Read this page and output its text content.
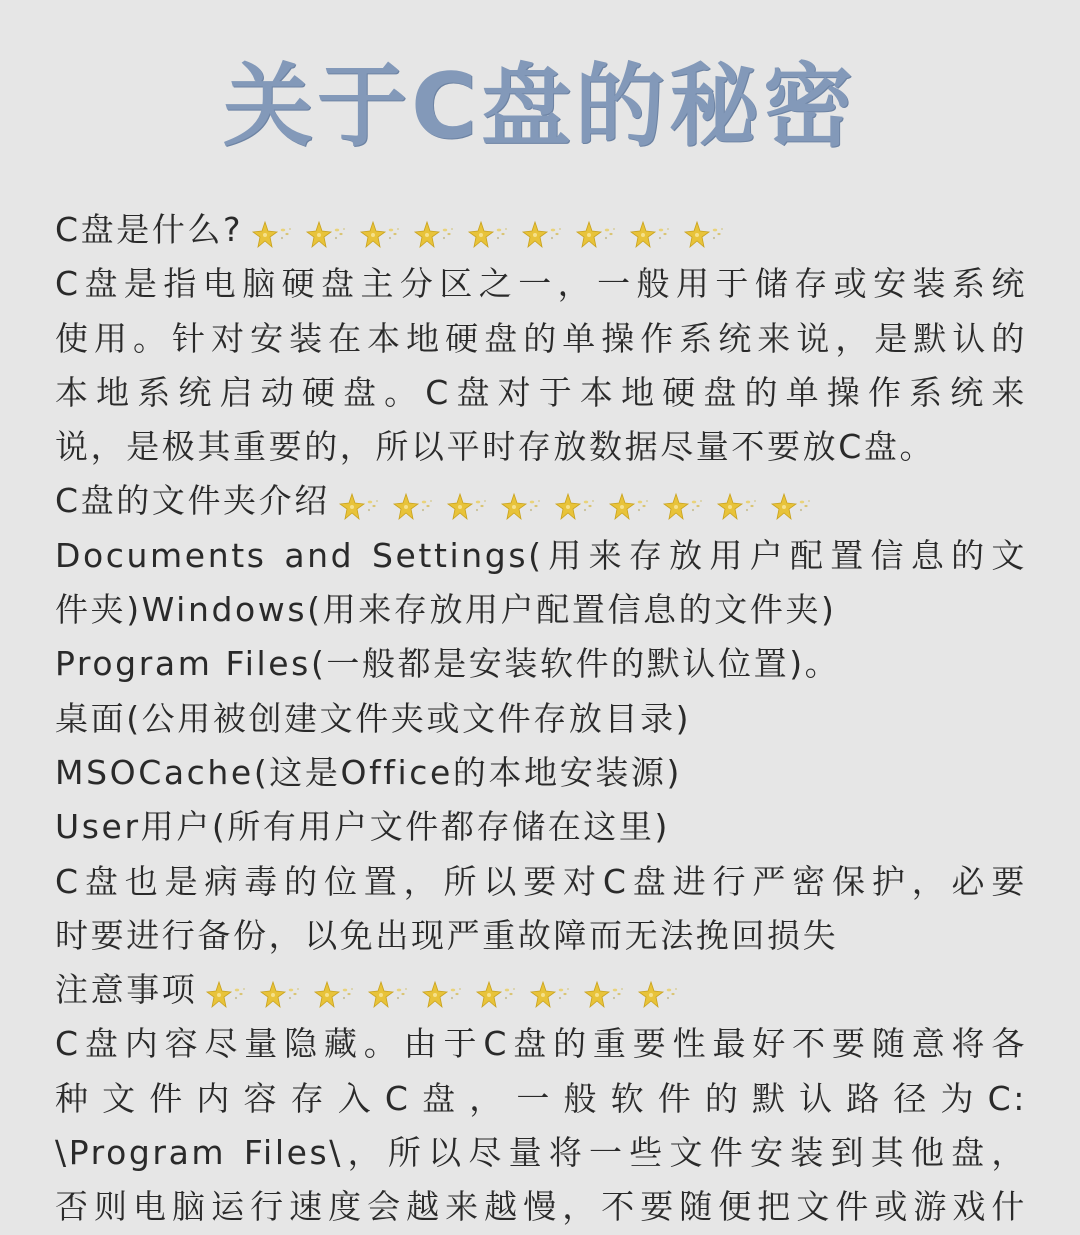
关于C盘的秘密
C盘是什么?
C盘是指电脑硬盘主分区之一，一般用于储存或安装系统
使用。针对安装在本地硬盘的单操作系统来说，是默认的
本地系统启动硬盘。C盘对于本地硬盘的单操作系统来
说，是极其重要的，所以平时存放数据尽量不要放C盘。
C盘的文件夹介绍
Documents and Settings(用来存放用户配置信息的文
件夹)Windows(用来存放用户配置信息的文件夹)
Program Files(一般都是安装软件的默认位置)。
桌面(公用被创建文件夹或文件存放目录)
MSOCache(这是Office的本地安装源)
User用户(所有用户文件都存储在这里)
C盘也是病毒的位置，所以要对C盘进行严密保护，必要
时要进行备份，以免出现严重故障而无法挽回损失
注意事项
C盘内容尽量隐藏。由于C盘的重要性最好不要随意将各
种文件内容存入C盘，一般软件的默认路径为C:
\Program Files\，所以尽量将一些文件安装到其他盘，
否则电脑运行速度会越来越慢，不要随便把文件或游戏什
